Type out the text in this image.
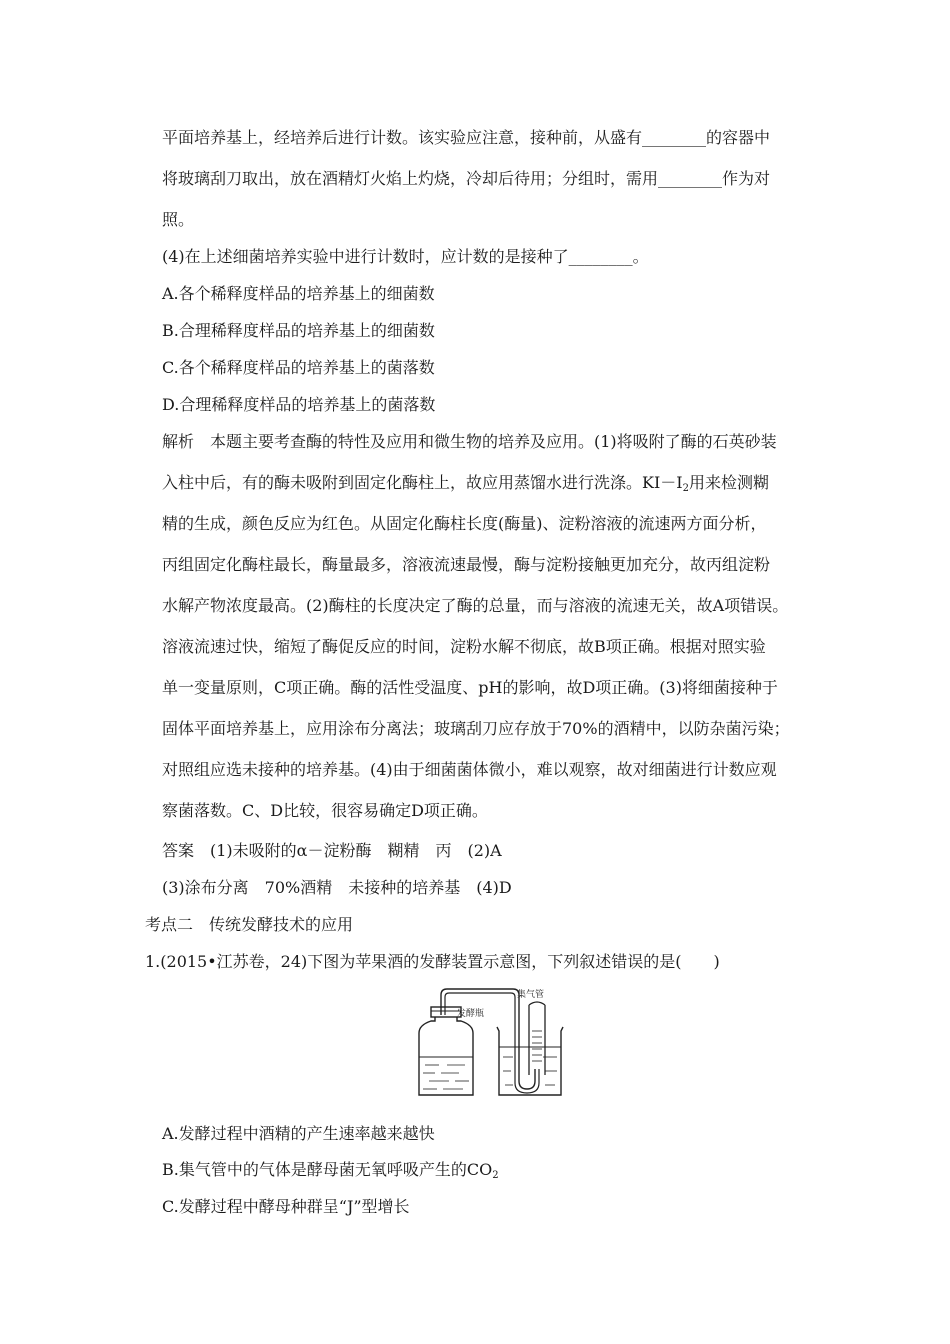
平面培养基上，经培养后进行计数。该实验应注意，接种前，从盛有________的容器中
将玻璃刮刀取出，放在酒精灯火焰上灼烧，冷却后待用；分组时，需用________作为对
照。
(4)在上述细菌培养实验中进行计数时，应计数的是接种了________。
A.各个稀释度样品的培养基上的细菌数
B.合理稀释度样品的培养基上的细菌数
C.各个稀释度样品的培养基上的菌落数
D.合理稀释度样品的培养基上的菌落数
解析　本题主要考查酶的特性及应用和微生物的培养及应用。(1)将吸附了酶的石英砂装
入柱中后，有的酶未吸附到固定化酶柱上，故应用蒸馏水进行洗涤。$KI-I_2$用来检测糊
精的生成，颜色反应为红色。从固定化酶柱长度(酶量)、淀粉溶液的流速两方面分析，
丙组固定化酶柱最长，酶量最多，溶液流速最慢，酶与淀粉接触更加充分，故丙组淀粉
水解产物浓度最高。(2)酶柱的长度决定了酶的总量，而与溶液的流速无关，故A项错误。
溶液流速过快，缩短了酶促反应的时间，淀粉水解不彻底，故B项正确。根据对照实验
单一变量原则，C项正确。酶的活性受温度、pH的影响，故D项正确。(3)将细菌接种于
固体平面培养基上，应用涂布分离法；玻璃刮刀应存放于70%的酒精中，以防杂菌污染；
对照组应选未接种的培养基。(4)由于细菌菌体微小，难以观察，故对细菌进行计数应观
察菌落数。C、D比较，很容易确定D项正确。
答案　(1)未吸附的α－淀粉酶　糊精　丙　(2)A
(3)涂布分离　70%酒精　未接种的培养基　(4)D
考点二　传统发酵技术的应用
1.(2015•江苏卷，24)下图为苹果酒的发酵装置示意图，下列叙述错误的是(　　)
发酵瓶
集气管
A.发酵过程中酒精的产生速率越来越快
B.集气管中的气体是酵母菌无氧呼吸产生的$CO_2$
C.发酵过程中酵母种群呈“J”型增长
